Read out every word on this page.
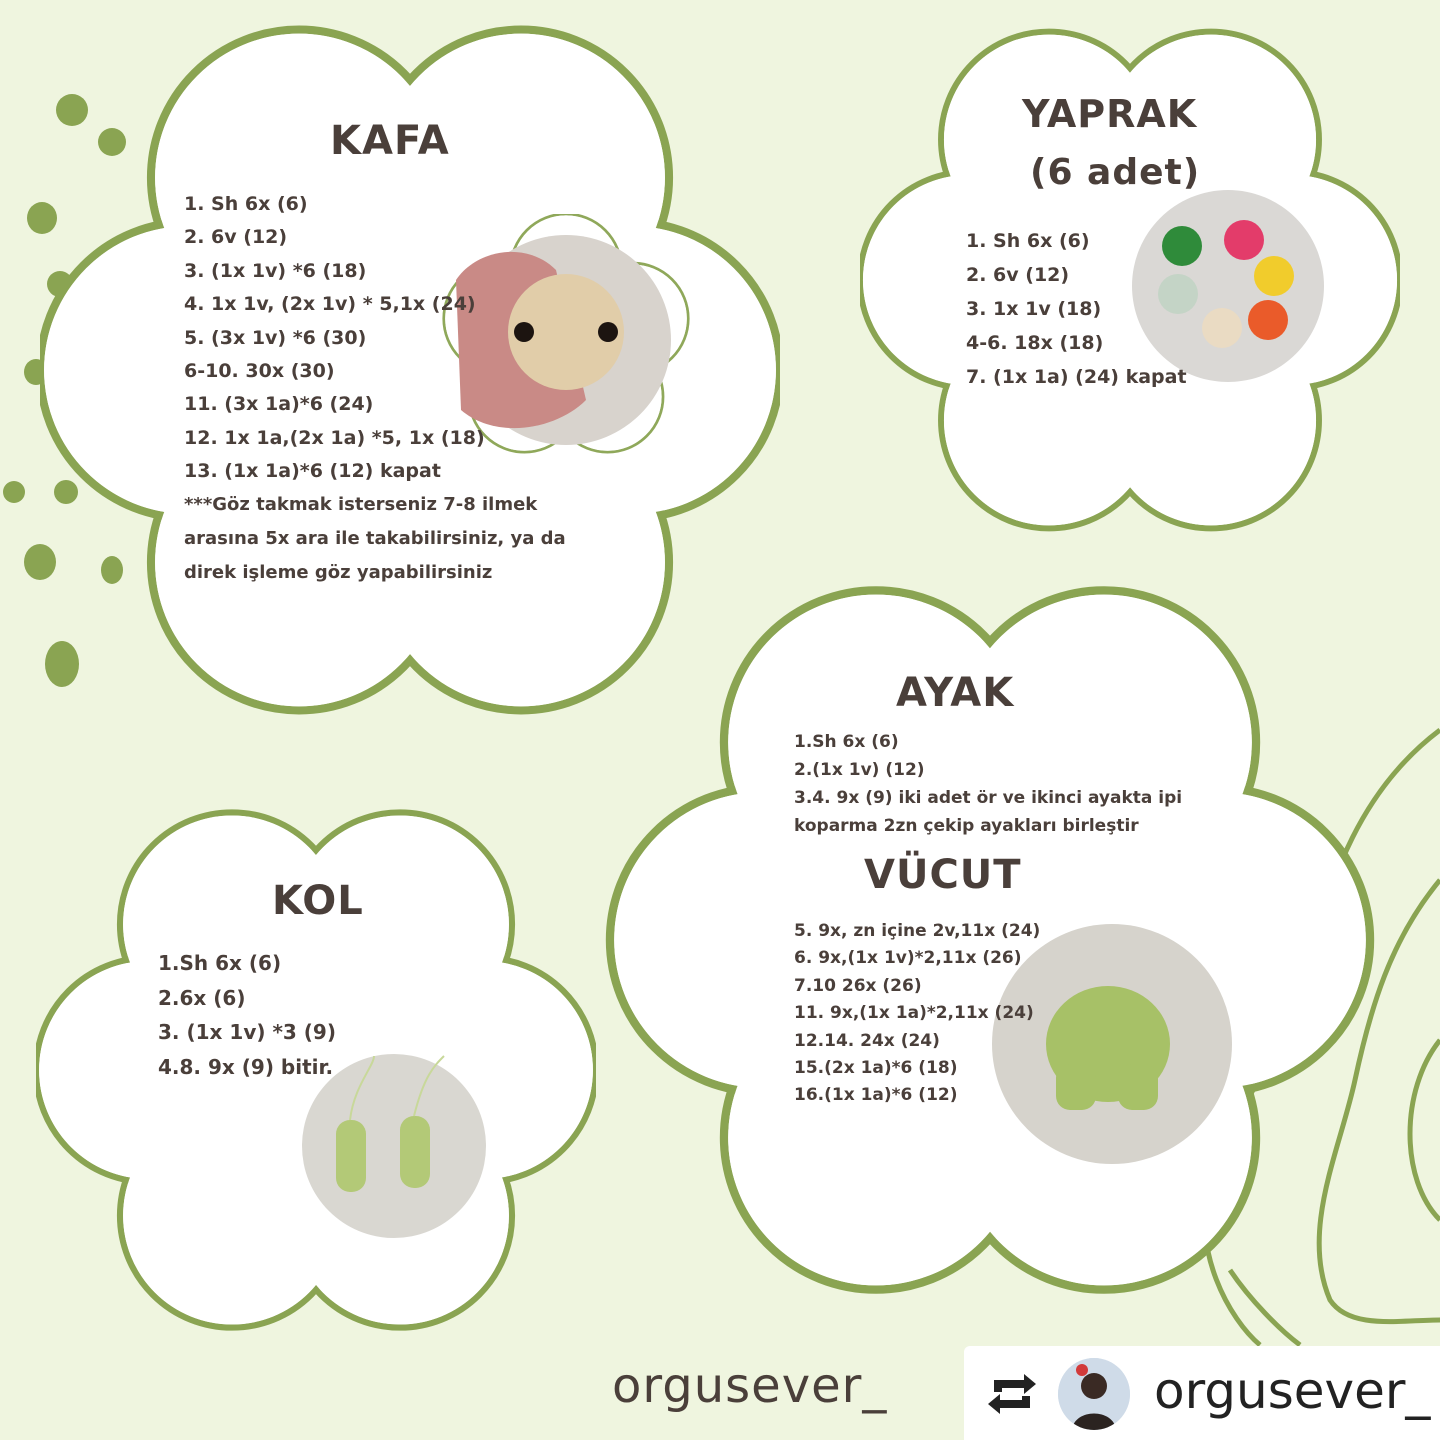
KAFA
1. Sh 6x (6)
2. 6v (12)
3. (1x 1v) *6 (18)
4. 1x 1v, (2x 1v) * 5,1x (24)
5. (3x 1v) *6 (30)
6-10. 30x (30)
11. (3x 1a)*6 (24)
12. 1x 1a,(2x 1a) *5, 1x (18)
13. (1x 1a)*6 (12) kapat
***Göz takmak isterseniz 7-8 ilmek
arasına 5x ara ile takabilirsiniz, ya da
direk işleme göz yapabilirsiniz
YAPRAK
(6 adet)
1. Sh 6x (6)
2. 6v (12)
3. 1x 1v (18)
4-6. 18x (18)
7. (1x 1a) (24) kapat
AYAK
1.Sh 6x (6)
2.(1x 1v) (12)
3.4. 9x (9) iki adet ör ve ikinci ayakta ipi
koparma 2zn çekip ayakları birleştir
VÜCUT
5. 9x, zn içine 2v,11x (24)
6. 9x,(1x 1v)*2,11x (26)
7.10 26x (26)
11. 9x,(1x 1a)*2,11x (24)
12.14. 24x (24)
15.(2x 1a)*6 (18)
16.(1x 1a)*6 (12)
KOL
1.Sh 6x (6)
2.6x (6)
3. (1x 1v) *3 (9)
4.8. 9x (9) bitir.
orgusever_	orgusever_
